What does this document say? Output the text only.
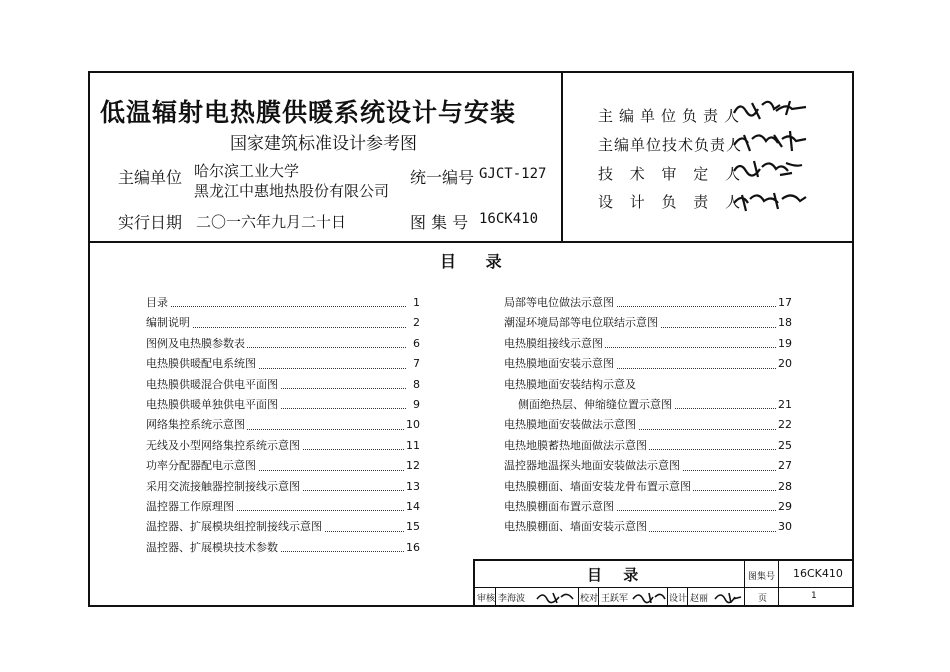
低温辐射电热膜供暖系统设计与安装
国家建筑标准设计参考图
主编单位 哈尔滨工业大学
黑龙江中惠地热股份有限公司
统一编号 GJCT-127
实行日期 二〇一六年九月二十日	图 集 号 16CK410
主编单位负责人
主编单位技术负责人
技 术 审 定 人
设 计 负 责 人
目 录
目录	1
编制说明	2
图例及电热膜参数表	6
电热膜供暖配电系统图	7
电热膜供暖混合供电平面图	8
电热膜供暖单独供电平面图	9
网络集控系统示意图	10
无线及小型网络集控系统示意图	11
功率分配器配电示意图	12
采用交流接触器控制接线示意图	13
温控器工作原理图	14
温控器、扩展模块组控制接线示意图	15
温控器、扩展模块技术参数	16
局部等电位做法示意图	17
潮湿环境局部等电位联结示意图	18
电热膜组接线示意图	19
电热膜地面安装示意图	20
电热膜地面安装结构示意及
侧面绝热层、伸缩缝位置示意图	21
电热膜地面安装做法示意图	22
电热地膜蓄热地面做法示意图	25
温控器地温探头地面安装做法示意图	27
电热膜棚面、墙面安装龙骨布置示意图	28
电热膜棚面布置示意图	29
电热膜棚面、墙面安装示意图	30
目 录	图集号 16CK410
审核 李海波	校对 王跃军	设计 赵丽	页	1
